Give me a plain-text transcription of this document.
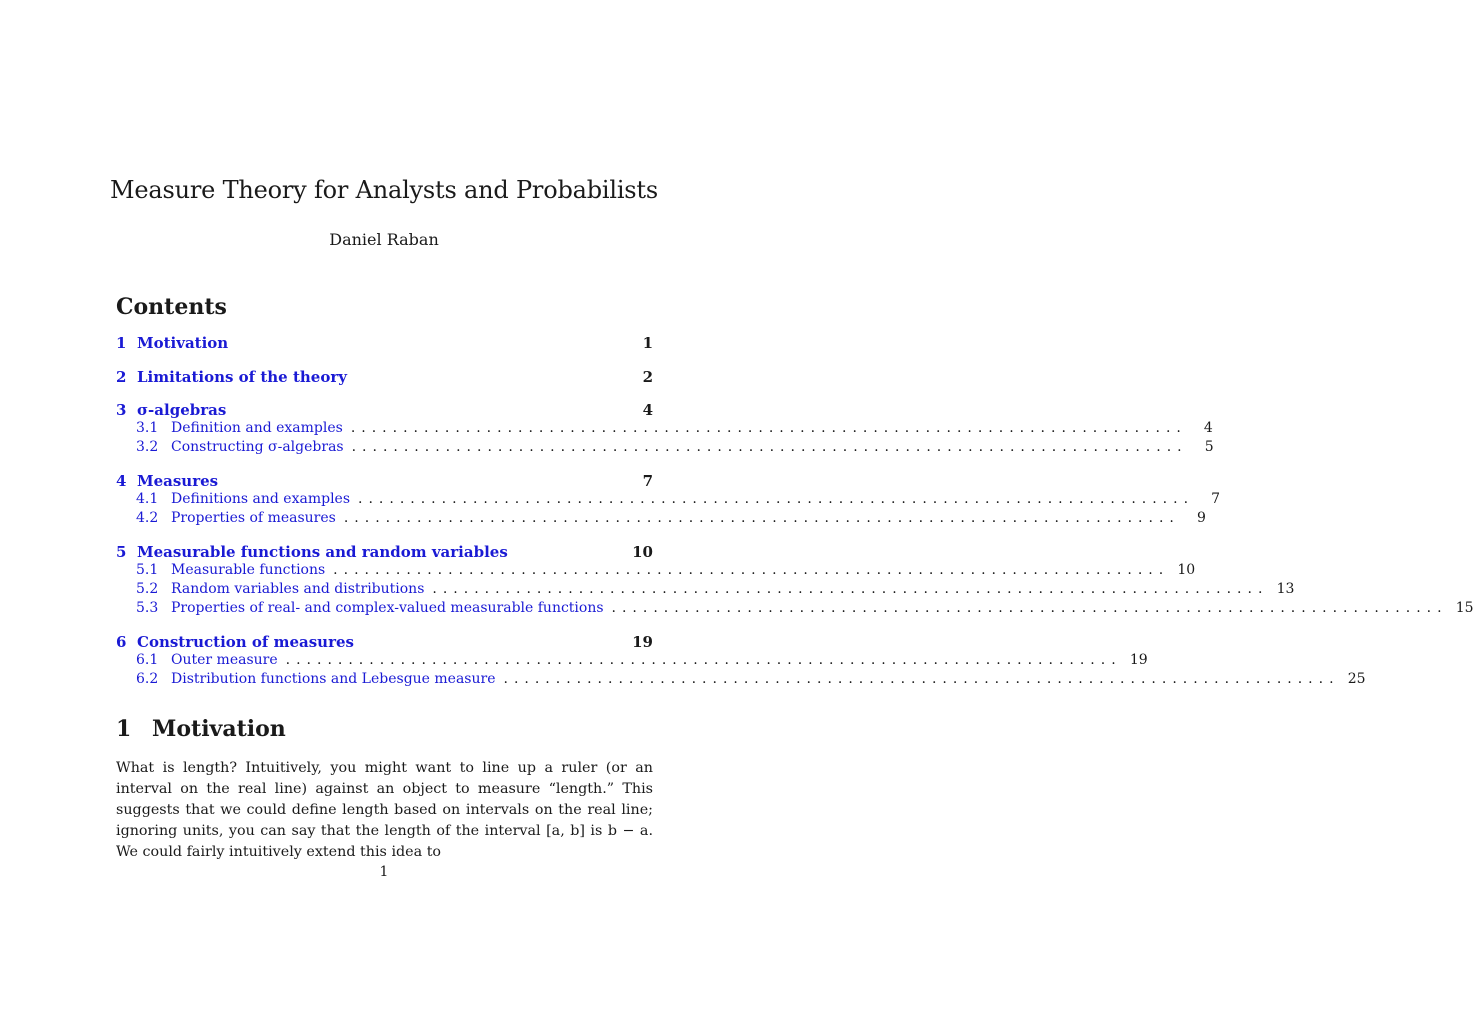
Measure Theory for Analysts and Probabilists
Daniel Raban
Contents
1 Motivation	1
2 Limitations of the theory	2
3 σ-algebras	4
3.1 Definition and examples ................................................................................	4
3.2 Constructing σ-algebras ................................................................................	5
4 Measures	7
4.1 Definitions and examples ................................................................................	7
4.2 Properties of measures ................................................................................	9
5 Measurable functions and random variables	10
5.1 Measurable functions ................................................................................ 10
5.2 Random variables and distributions ................................................................................ 13
5.3 Properties of real- and complex-valued measurable functions ................................................................................ 15
6 Construction of measures	19
6.1 Outer measure ................................................................................ 19
6.2 Distribution functions and Lebesgue measure ................................................................................ 25
1 Motivation
What is length? Intuitively, you might want to line up a ruler (or an interval on the real line) against an object to measure “length.” This suggests that we could define length based on intervals on the real line; ignoring units, you can say that the length of the interval [a, b] is b − a. We could fairly intuitively extend this idea to
1
